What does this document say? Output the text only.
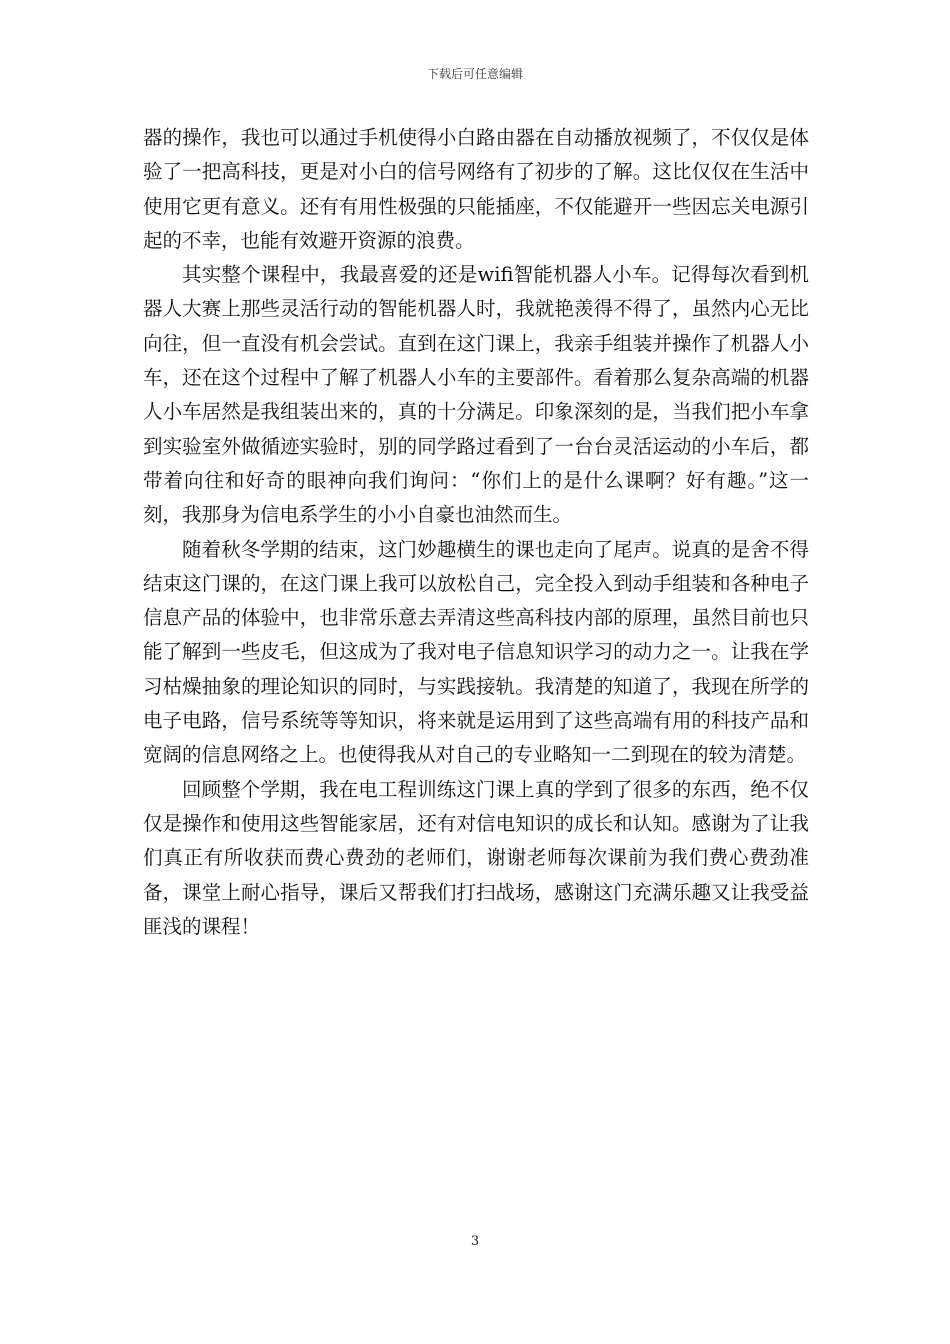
下载后可任意编辑

器的操作，我也可以通过手机使得小白路由器在自动播放视频了，不仅仅是体验了一把高科技，更是对小白的信号网络有了初步的了解。这比仅仅在生活中使用它更有意义。还有有用性极强的只能插座，不仅能避开一些因忘关电源引起的不幸，也能有效避开资源的浪费。

其实整个课程中，我最喜爱的还是wifi智能机器人小车。记得每次看到机器人大赛上那些灵活行动的智能机器人时，我就艳羡得不得了，虽然内心无比向往，但一直没有机会尝试。直到在这门课上，我亲手组装并操作了机器人小车，还在这个过程中了解了机器人小车的主要部件。看着那么复杂高端的机器人小车居然是我组装出来的，真的十分满足。印象深刻的是，当我们把小车拿到实验室外做循迹实验时，别的同学路过看到了一台台灵活运动的小车后，都带着向往和好奇的眼神向我们询问：“你们上的是什么课啊？好有趣。”这一刻，我那身为信电系学生的小小自豪也油然而生。

随着秋冬学期的结束，这门妙趣横生的课也走向了尾声。说真的是舍不得结束这门课的，在这门课上我可以放松自己，完全投入到动手组装和各种电子信息产品的体验中，也非常乐意去弄清这些高科技内部的原理，虽然目前也只能了解到一些皮毛，但这成为了我对电子信息知识学习的动力之一。让我在学习枯燥抽象的理论知识的同时，与实践接轨。我清楚的知道了，我现在所学的电子电路，信号系统等等知识，将来就是运用到了这些高端有用的科技产品和宽阔的信息网络之上。也使得我从对自己的专业略知一二到现在的较为清楚。

回顾整个学期，我在电工程训练这门课上真的学到了很多的东西，绝不仅仅是操作和使用这些智能家居，还有对信电知识的成长和认知。感谢为了让我们真正有所收获而费心费劲的老师们，谢谢老师每次课前为我们费心费劲准备，课堂上耐心指导，课后又帮我们打扫战场，感谢这门充满乐趣又让我受益匪浅的课程！

3
